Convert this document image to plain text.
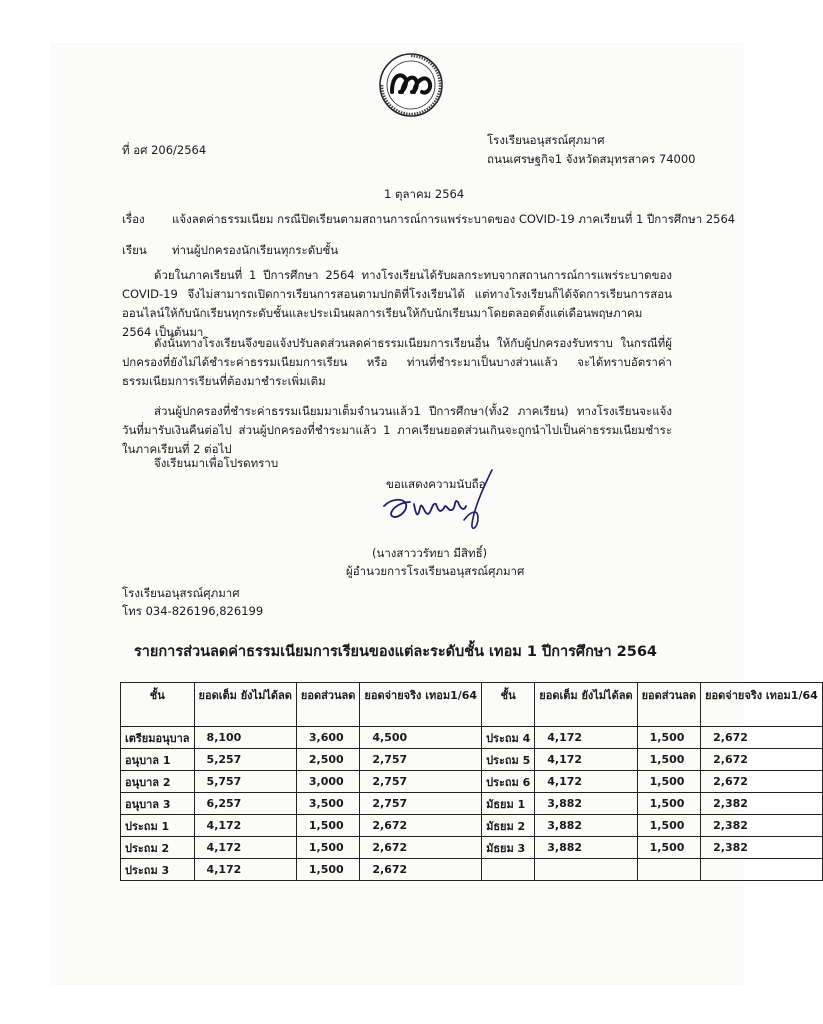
ที่ อศ 206/2564
โรงเรียนอนุสรณ์ศุภมาศ
ถนนเศรษฐกิจ1 จังหวัดสมุทรสาคร 74000
1 ตุลาคม 2564
เรื่อง แจ้งลดค่าธรรมเนียม กรณีปิดเรียนตามสถานการณ์การแพร่ระบาดของ COVID-19 ภาคเรียนที่ 1 ปีการศึกษา 2564
เรียน ท่านผู้ปกครองนักเรียนทุกระดับชั้น
ด้วยในภาคเรียนที่ 1 ปีการศึกษา 2564 ทางโรงเรียนได้รับผลกระทบจากสถานการณ์การแพร่ระบาดของ COVID-19 จึงไม่สามารถเปิดการเรียนการสอนตามปกติที่โรงเรียนได้ แต่ทางโรงเรียนก็ได้จัดการเรียนการสอนออนไลน์ให้กับนักเรียนทุกระดับชั้นและประเมินผลการเรียนให้กับนักเรียนมาโดยตลอดตั้งแต่เดือนพฤษภาคม 2564 เป็นต้นมา
ดังนั้นทางโรงเรียนจึงขอแจ้งปรับลดส่วนลดค่าธรรมเนียมการเรียนอื่น ให้กับผู้ปกครองรับทราบ ในกรณีที่ผู้ปกครองที่ยังไม่ได้ชำระค่าธรรมเนียมการเรียน หรือ ท่านที่ชำระมาเป็นบางส่วนแล้ว จะได้ทราบอัตราค่าธรรมเนียมการเรียนที่ต้องมาชำระเพิ่มเติม
ส่วนผู้ปกครองที่ชำระค่าธรรมเนียมมาเต็มจำนวนแล้ว1 ปีการศึกษา(ทั้ง2 ภาคเรียน) ทางโรงเรียนจะแจ้งวันที่มารับเงินคืนต่อไป ส่วนผู้ปกครองที่ชำระมาแล้ว 1 ภาคเรียนยอดส่วนเกินจะถูกนำไปเป็นค่าธรรมเนียมชำระในภาคเรียนที่ 2 ต่อไป
จึงเรียนมาเพื่อโปรดทราบ
ขอแสดงความนับถือ
(นางสาววรัทยา มีสิทธิ์)
ผู้อำนวยการโรงเรียนอนุสรณ์ศุภมาศ
โรงเรียนอนุสรณ์ศุภมาศ
โทร 034-826196,826199
รายการส่วนลดค่าธรรมเนียมการเรียนของแต่ละระดับชั้น เทอม 1 ปีการศึกษา 2564
ชั้น	ยอดเต็ม ยังไม่ได้ลด	ยอดส่วนลด	ยอดจ่ายจริง เทอม1/64	ชั้น	ยอดเต็ม ยังไม่ได้ลด	ยอดส่วนลด	ยอดจ่ายจริง เทอม1/64
เตรียมอนุบาล	8,100	3,600	4,500	ประถม 4	4,172	1,500	2,672
อนุบาล 1	5,257	2,500	2,757	ประถม 5	4,172	1,500	2,672
อนุบาล 2	5,757	3,000	2,757	ประถม 6	4,172	1,500	2,672
อนุบาล 3	6,257	3,500	2,757	มัธยม 1	3,882	1,500	2,382
ประถม 1	4,172	1,500	2,672	มัธยม 2	3,882	1,500	2,382
ประถม 2	4,172	1,500	2,672	มัธยม 3	3,882	1,500	2,382
ประถม 3	4,172	1,500	2,672				
